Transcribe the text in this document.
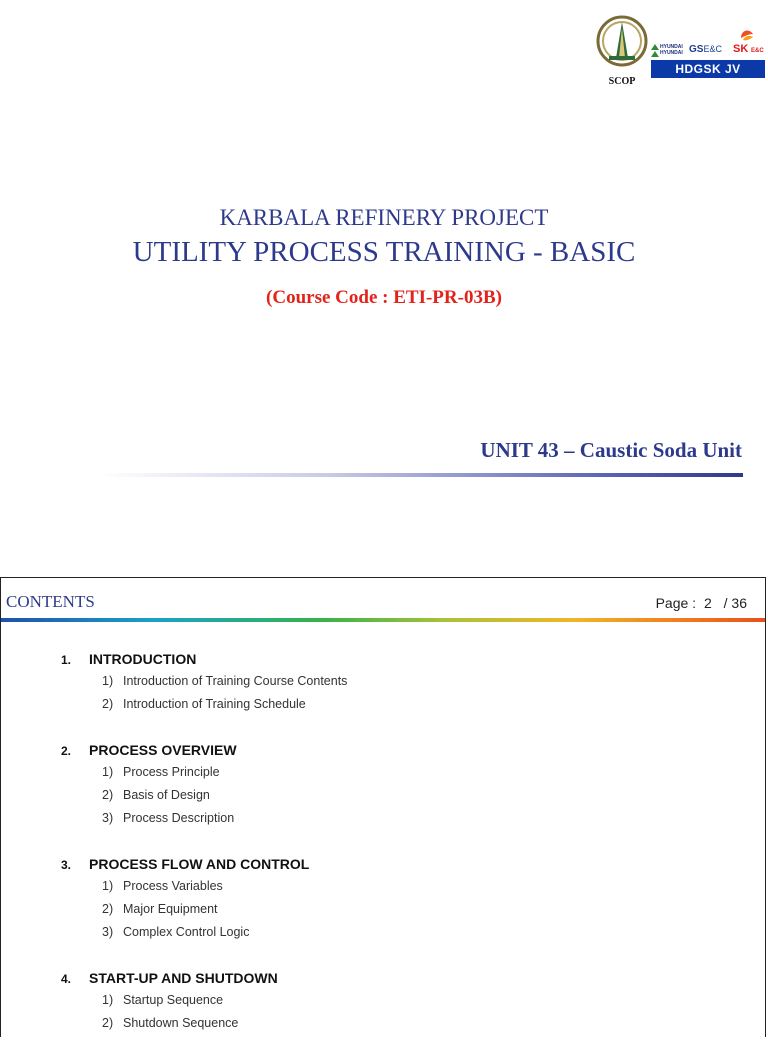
SCOP
HYUNDAI
HYUNDAI GSE&C SK E&C
HDGSK JV
KARBALA REFINERY PROJECT
UTILITY PROCESS TRAINING - BASIC
(Course Code : ETI-PR-03B)
UNIT 43 – Caustic Soda Unit
CONTENTS	Page : 2 / 36
1. INTRODUCTION
1) Introduction of Training Course Contents
2) Introduction of Training Schedule
2. PROCESS OVERVIEW
1) Process Principle
2) Basis of Design
3) Process Description
3. PROCESS FLOW AND CONTROL
1) Process Variables
2) Major Equipment
3) Complex Control Logic
4. START-UP AND SHUTDOWN
1) Startup Sequence
2) Shutdown Sequence
